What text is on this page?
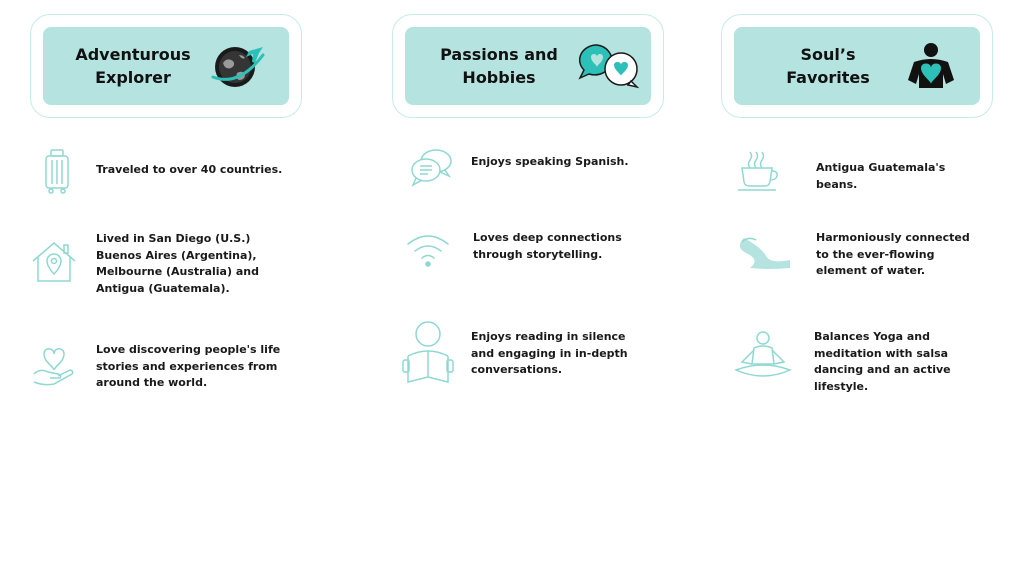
Adventurous Explorer
Passions and Hobbies
Soul’s Favorites

Traveled to over 40 countries.

Lived in San Diego (U.S.) Buenos Aires (Argentina), Melbourne (Australia) and Antigua (Guatemala).

Love discovering people's life stories and experiences from around the world.

Enjoys speaking Spanish.

Loves deep connections through storytelling.

Enjoys reading in silence and engaging in in-depth conversations.

Antigua Guatemala's beans.

Harmoniously connected to the ever-flowing element of water.

Balances Yoga and meditation with salsa dancing and an active lifestyle.
